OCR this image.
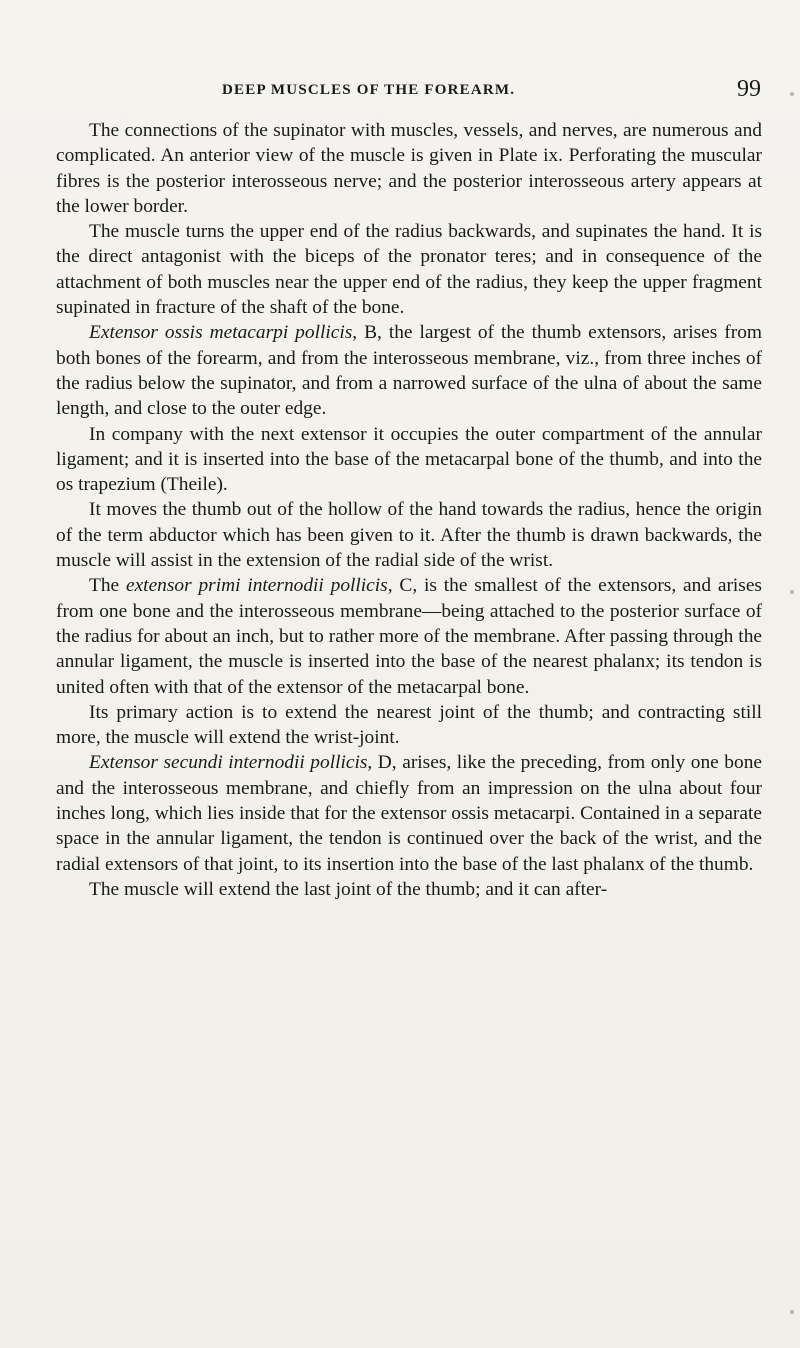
DEEP MUSCLES OF THE FOREARM.	99

The connections of the supinator with muscles, vessels, and nerves, are numerous and complicated. An anterior view of the muscle is given in Plate ix. Perforating the muscular fibres is the posterior interosseous nerve; and the posterior interosseous artery appears at the lower border.

The muscle turns the upper end of the radius backwards, and supinates the hand. It is the direct antagonist with the biceps of the pronator teres; and in consequence of the attachment of both muscles near the upper end of the radius, they keep the upper fragment supinated in fracture of the shaft of the bone.

Extensor ossis metacarpi pollicis, B, the largest of the thumb extensors, arises from both bones of the forearm, and from the interosseous membrane, viz., from three inches of the radius below the supinator, and from a narrowed surface of the ulna of about the same length, and close to the outer edge.

In company with the next extensor it occupies the outer compartment of the annular ligament; and it is inserted into the base of the metacarpal bone of the thumb, and into the os trapezium (Theile).

It moves the thumb out of the hollow of the hand towards the radius, hence the origin of the term abductor which has been given to it. After the thumb is drawn backwards, the muscle will assist in the extension of the radial side of the wrist.

The extensor primi internodii pollicis, C, is the smallest of the extensors, and arises from one bone and the interosseous membrane—being attached to the posterior surface of the radius for about an inch, but to rather more of the membrane. After passing through the annular ligament, the muscle is inserted into the base of the nearest phalanx; its tendon is united often with that of the extensor of the metacarpal bone.

Its primary action is to extend the nearest joint of the thumb; and contracting still more, the muscle will extend the wrist-joint.

Extensor secundi internodii pollicis, D, arises, like the preceding, from only one bone and the interosseous membrane, and chiefly from an impression on the ulna about four inches long, which lies inside that for the extensor ossis metacarpi. Contained in a separate space in the annular ligament, the tendon is continued over the back of the wrist, and the radial extensors of that joint, to its insertion into the base of the last phalanx of the thumb.

The muscle will extend the last joint of the thumb; and it can after-
